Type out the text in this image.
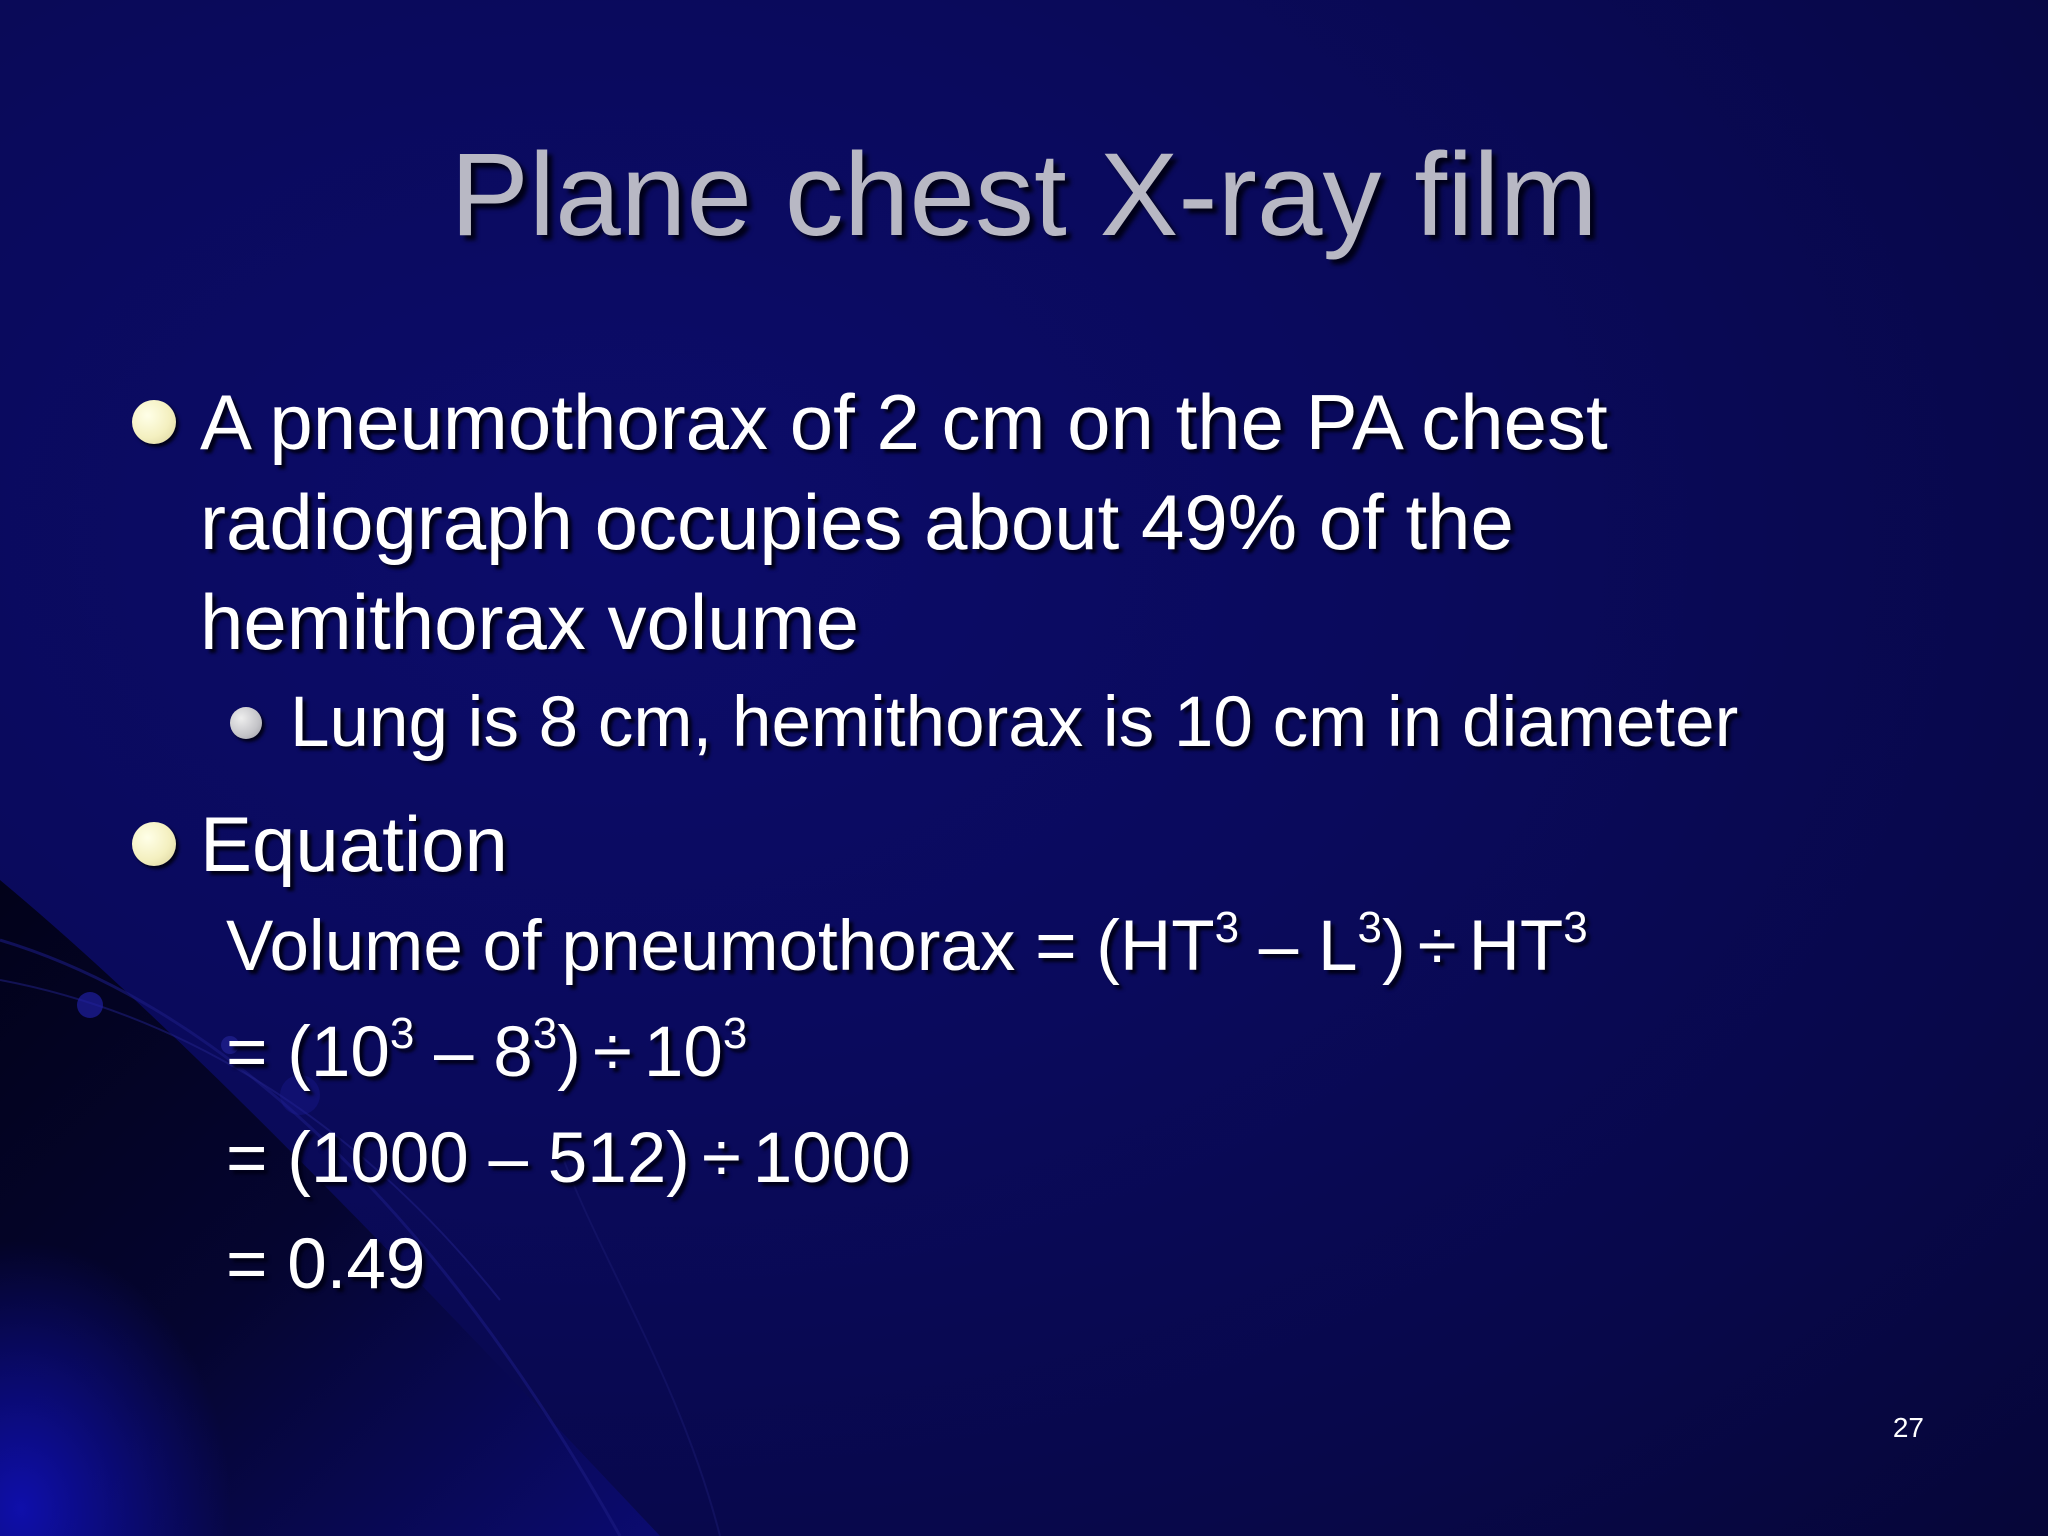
Plane chest X-ray film
A pneumothorax of 2 cm on the PA chest radiograph occupies about 49% of the hemithorax volume
Lung is 8 cm, hemithorax is 10 cm in diameter
Equation
Volume of pneumothorax = $(HT^3 - L^3) \div HT^3$
= $(10^3 - 8^3) \div 10^3$
= (1000 – 512) ÷ 1000
= 0.49
27
